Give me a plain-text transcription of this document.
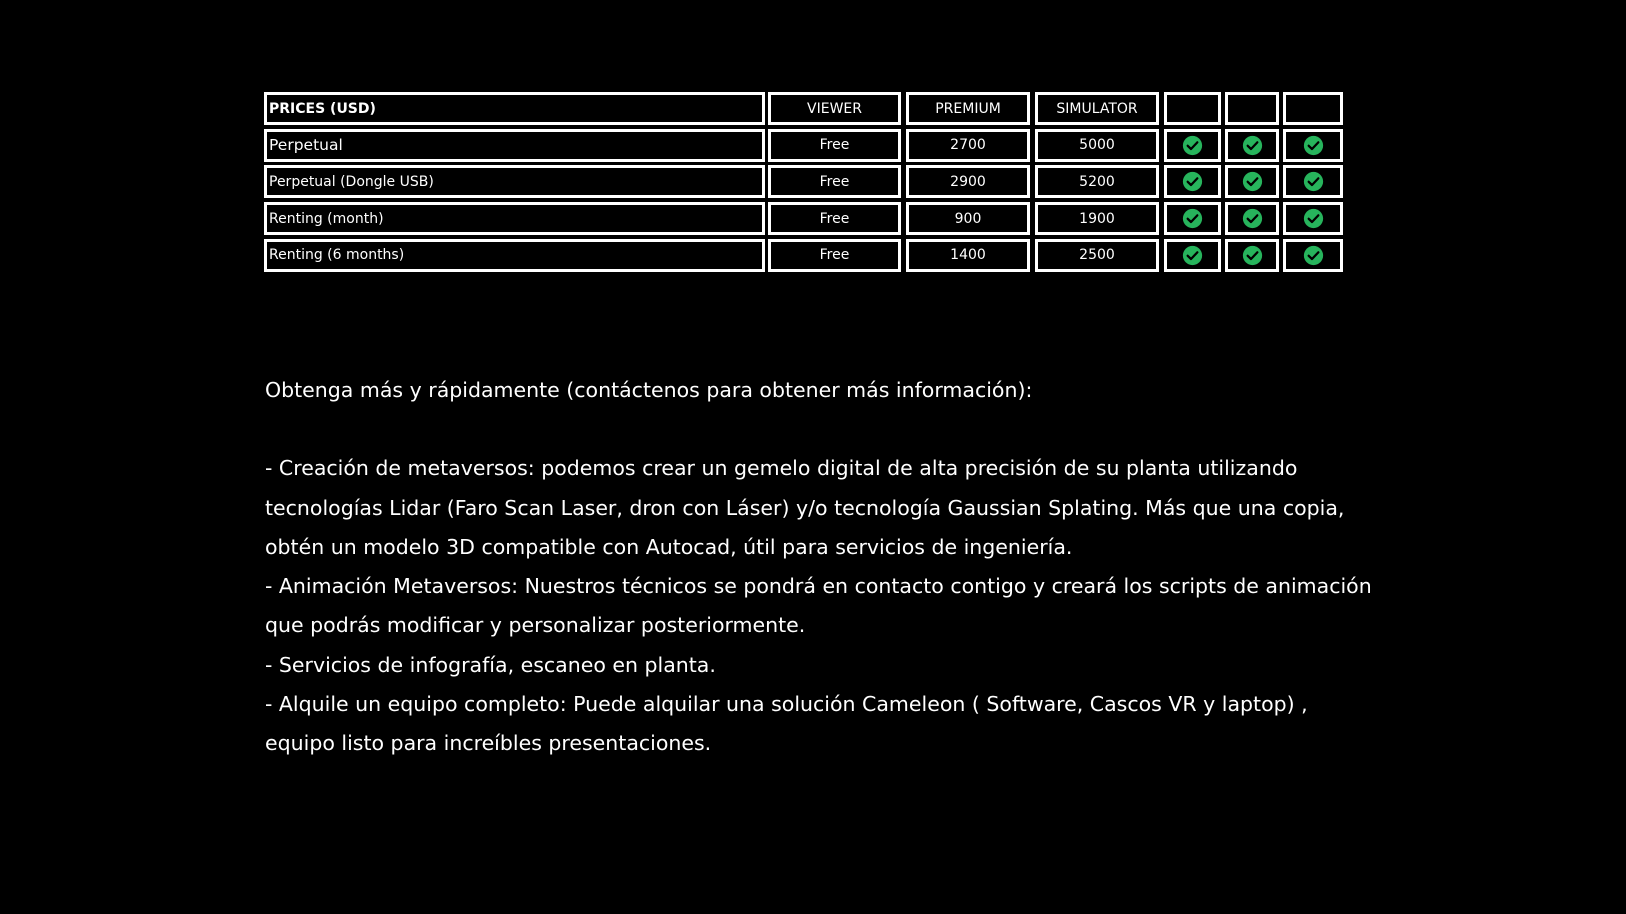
PRICES (USD)	VIEWER	PREMIUM	SIMULATOR
Perpetual	Free	2700	5000
Perpetual (Dongle USB)	Free	2900	5200
Renting (month)	Free	900	1900
Renting (6 months)	Free	1400	2500

Obtenga más y rápidamente (contáctenos para obtener más información):

- Creación de metaversos: podemos crear un gemelo digital de alta precisión de su planta utilizando

tecnologías Lidar (Faro Scan Laser, dron con Láser) y/o tecnología Gaussian Splating. Más que una copia,

obtén un modelo 3D compatible con Autocad, útil para servicios de ingeniería.

- Animación Metaversos: Nuestros técnicos se pondrá en contacto contigo y creará los scripts de animación

que podrás modificar y personalizar posteriormente.

- Servicios de infografía, escaneo en planta.

- Alquile un equipo completo: Puede alquilar una solución Cameleon ( Software, Cascos VR y laptop) ,

equipo listo para increíbles presentaciones.
